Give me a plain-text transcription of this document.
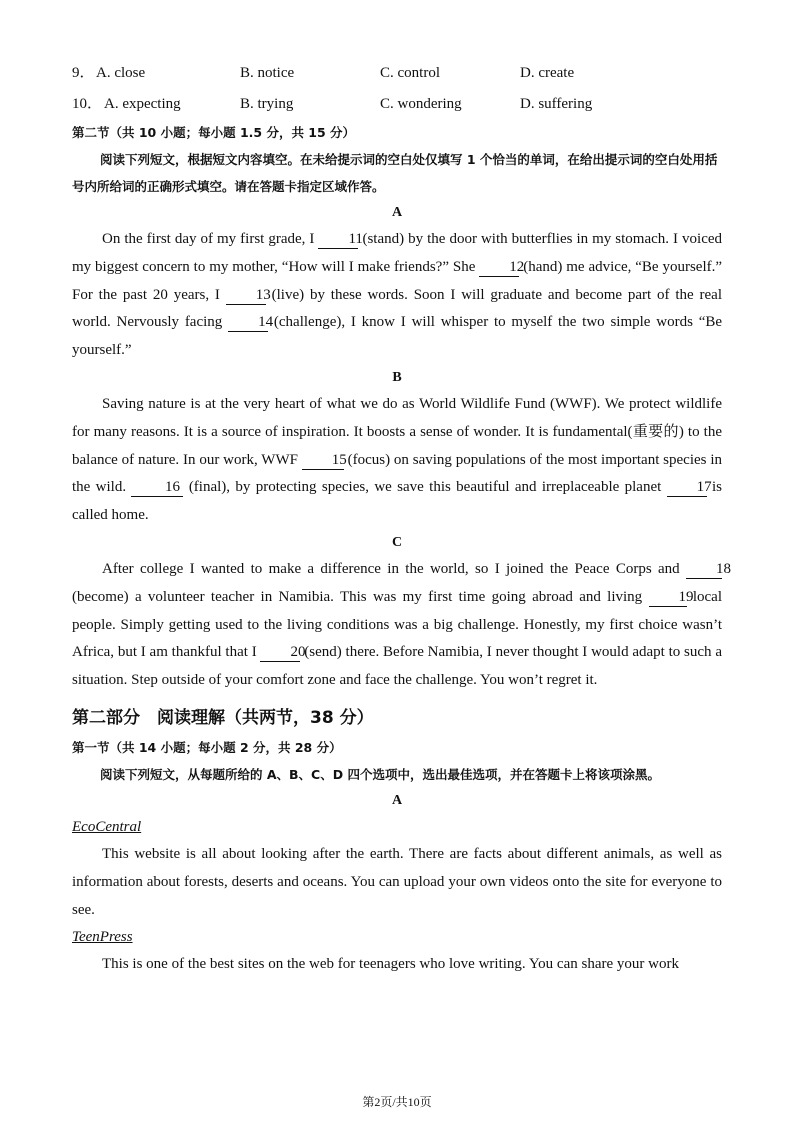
9． A. close	B. notice	C. control	D. create
10． A. expecting	B. trying	C. wondering	D. suffering
第二节（共 10 小题；每小题 1.5 分，共 15 分）
阅读下列短文，根据短文内容填空。在未给提示词的空白处仅填写 1 个恰当的单词，在给出提示词的空白处用括号内所给词的正确形式填空。请在答题卡指定区域作答。
A

On the first day of my first grade, I 11 (stand) by the door with butterflies in my stomach. I voiced my biggest concern to my mother, “How will I make friends?” She 12 (hand) me advice, “Be yourself.” For the past 20 years, I 13 (live) by these words. Soon I will graduate and become part of the real world. Nervously facing 14 (challenge), I know I will whisper to myself the two simple words “Be yourself.”

B

Saving nature is at the very heart of what we do as World Wildlife Fund (WWF). We protect wildlife for many reasons. It is a source of inspiration. It boosts a sense of wonder. It is fundamental(重要的) to the balance of nature. In our work, WWF 15 (focus) on saving populations of the most important species in the wild.	16 (final), by protecting species, we save this beautiful and irreplaceable planet 17 is called home.

C

After college I wanted to make a difference in the world, so I joined the Peace Corps and 18 (become) a volunteer teacher in Namibia. This was my first time going abroad and living 19 local people. Simply getting used to the living conditions was a big challenge. Honestly, my first choice wasn’t Africa, but I am thankful that I 20 (send) there. Before Namibia, I never thought I would adapt to such a situation. Step outside of your comfort zone and face the challenge. You won’t regret it.

第二部分　阅读理解（共两节，38 分）
第一节（共 14 小题；每小题 2 分，共 28 分）
阅读下列短文，从每题所给的 A、B、C、D 四个选项中，选出最佳选项，并在答题卡上将该项涂黑。
A
EcoCentral

This website is all about looking after the earth. There are facts about different animals, as well as information about forests, deserts and oceans. You can upload your own videos onto the site for everyone to see.

TeenPress

This is one of the best sites on the web for teenagers who love writing. You can share your work

第2页/共10页
